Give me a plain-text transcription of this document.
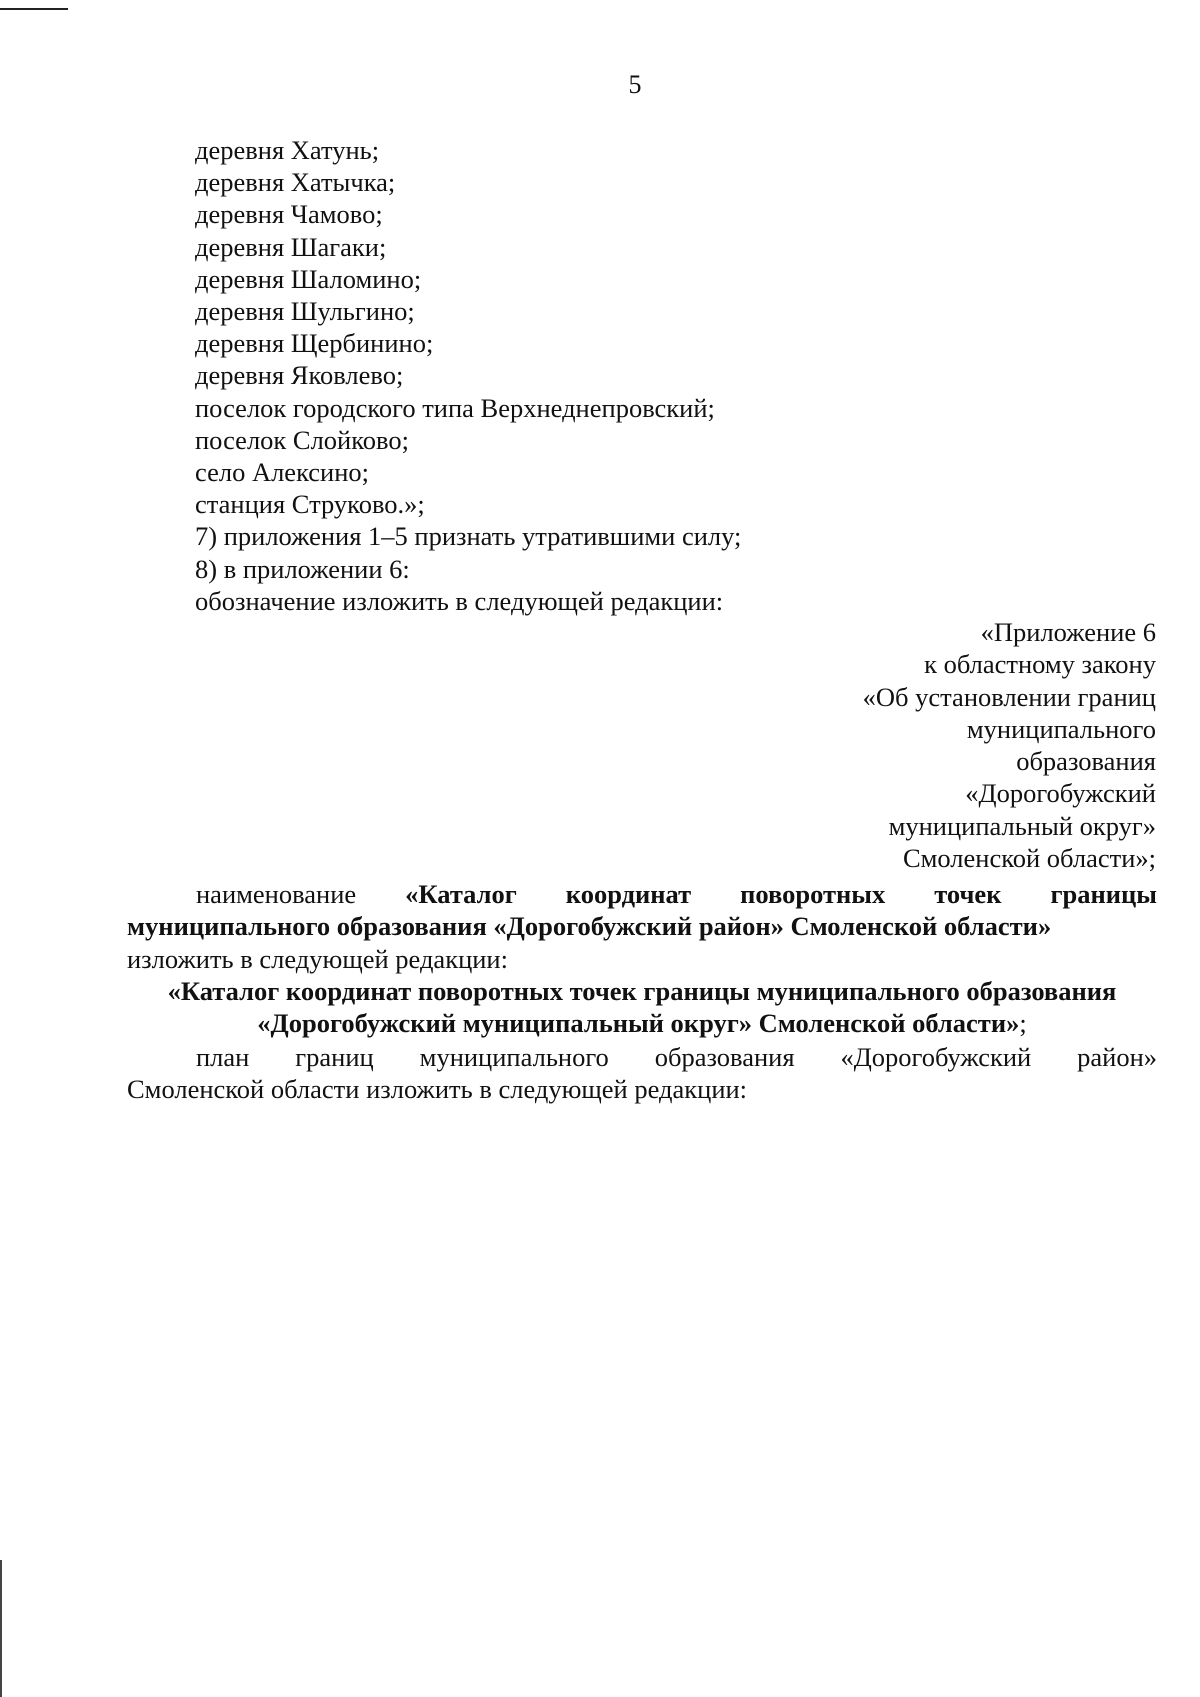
5
деревня Хатунь;
деревня Хатычка;
деревня Чамово;
деревня Шагаки;
деревня Шаломино;
деревня Шульгино;
деревня Щербинино;
деревня Яковлево;
поселок городского типа Верхнеднепровский;
поселок Слойково;
село Алексино;
станция Струково.»;
7) приложения 1–5 признать утратившими силу;
8) в приложении 6:
обозначение изложить в следующей редакции:
«Приложение 6
к областному закону
«Об установлении границ
муниципального
образования
«Дорогобужский
муниципальный округ»
Смоленской области»;
наименование «Каталог координат поворотных точек границы
муниципального образования «Дорогобужский район» Смоленской области»
изложить в следующей редакции:
«Каталог координат поворотных точек границы муниципального образования
«Дорогобужский муниципальный округ» Смоленской области»;
план границ муниципального образования «Дорогобужский район»
Смоленской области изложить в следующей редакции:
